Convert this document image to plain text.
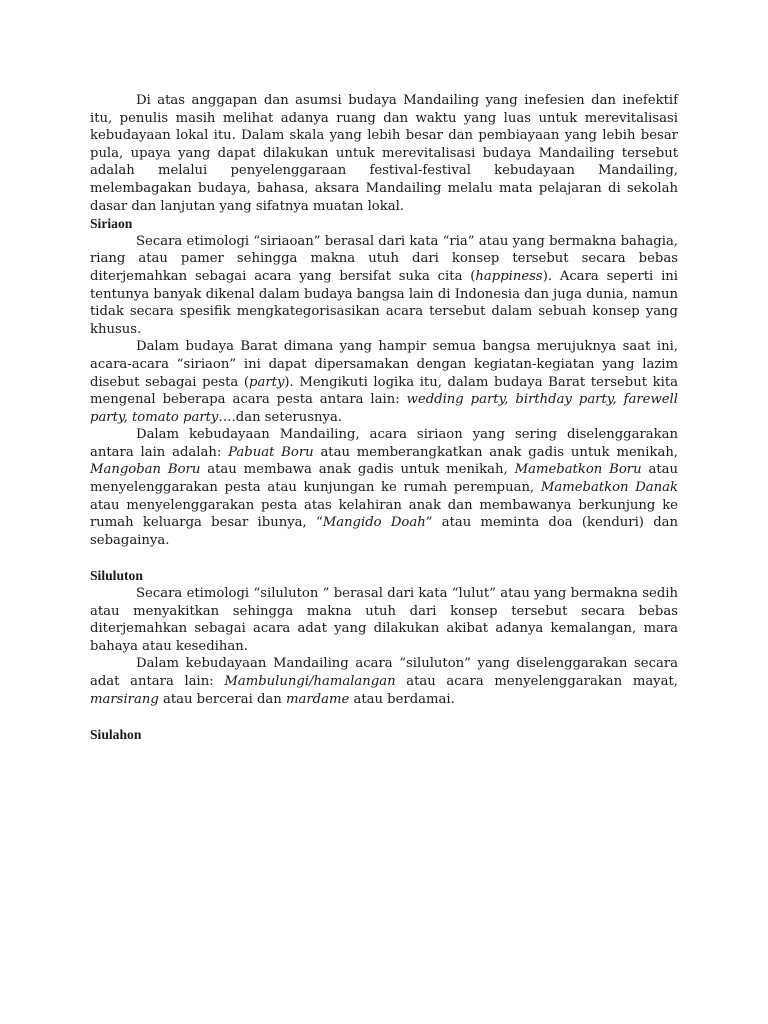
Di atas anggapan dan asumsi budaya Mandailing yang inefesien dan inefektif itu, penulis masih melihat adanya ruang dan waktu yang luas untuk merevitalisasi kebudayaan lokal itu. Dalam skala yang lebih besar dan pembiayaan yang lebih besar pula, upaya yang dapat dilakukan untuk merevitalisasi budaya Mandailing tersebut adalah melalui penyelenggaraan festival-festival kebudayaan Mandailing, melembagakan budaya, bahasa, aksara Mandailing melalu mata pelajaran di sekolah dasar dan lanjutan yang sifatnya muatan lokal.

Siriaon

Secara etimologi “siriaoan” berasal dari kata “ria” atau yang bermakna bahagia, riang atau pamer sehingga makna utuh dari konsep tersebut secara bebas diterjemahkan sebagai acara yang bersifat suka cita (happiness). Acara seperti ini tentunya banyak dikenal dalam budaya bangsa lain di Indonesia dan juga dunia, namun tidak secara spesifik mengkategorisasikan acara tersebut dalam sebuah konsep yang khusus.

Dalam budaya Barat dimana yang hampir semua bangsa merujuknya saat ini, acara-acara “siriaon” ini dapat dipersamakan dengan kegiatan-kegiatan yang lazim disebut sebagai pesta (party). Mengikuti logika itu, dalam budaya Barat tersebut kita mengenal beberapa acara pesta antara lain: wedding party, birthday party, farewell party, tomato party….dan seterusnya.

Dalam kebudayaan Mandailing, acara siriaon yang sering diselenggarakan antara lain adalah: Pabuat Boru atau memberangkatkan anak gadis untuk menikah, Mangoban Boru atau membawa anak gadis untuk menikah, Mamebatkon Boru atau menyelenggarakan pesta atau kunjungan ke rumah perempuan, Mamebatkon Danak atau menyelenggarakan pesta atas kelahiran anak dan membawanya berkunjung ke rumah keluarga besar ibunya, “Mangido Doah” atau meminta doa (kenduri) dan sebagainya.

Siluluton

Secara etimologi “siluluton ” berasal dari kata “lulut” atau yang bermakna sedih atau menyakitkan sehingga makna utuh dari konsep tersebut secara bebas diterjemahkan sebagai acara adat yang dilakukan akibat adanya kemalangan, mara bahaya atau kesedihan.

Dalam kebudayaan Mandailing acara “siluluton” yang diselenggarakan secara adat antara lain: Mambulungi/hamalangan atau acara menyelenggarakan mayat, marsirang atau bercerai dan mardame atau berdamai.

Siulahon
